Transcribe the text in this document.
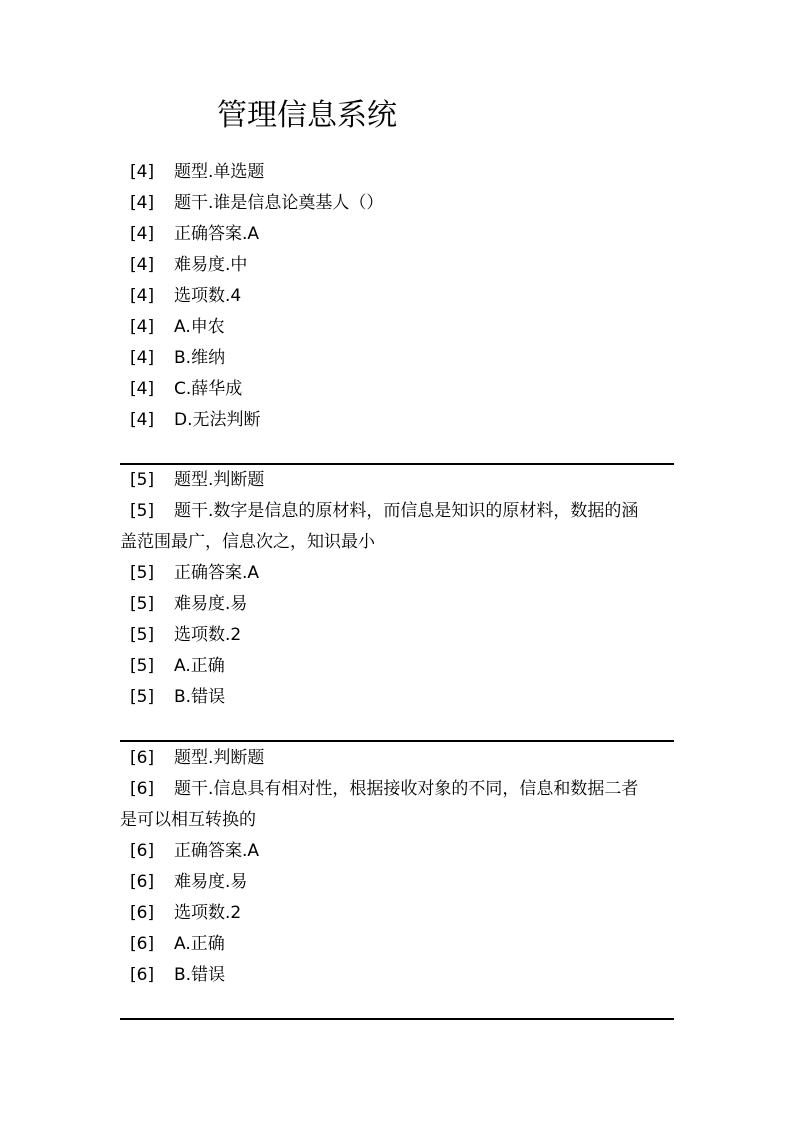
管理信息系统
[4] 题型.单选题
[4] 题干.谁是信息论奠基人（）
[4] 正确答案.A
[4] 难易度.中
[4] 选项数.4
[4] A.申农
[4] B.维纳
[4] C.薛华成
[4] D.无法判断
[5] 题型.判断题
[5]	题干.数字是信息的原材料，而信息是知识的原材料，数据的涵
盖范围最广，信息次之，知识最小
[5] 正确答案.A
[5] 难易度.易
[5] 选项数.2
[5] A.正确
[5] B.错误
[6] 题型.判断题
[6]	题干.信息具有相对性，根据接收对象的不同，信息和数据二者
是可以相互转换的
[6] 正确答案.A
[6] 难易度.易
[6] 选项数.2
[6] A.正确
[6] B.错误
